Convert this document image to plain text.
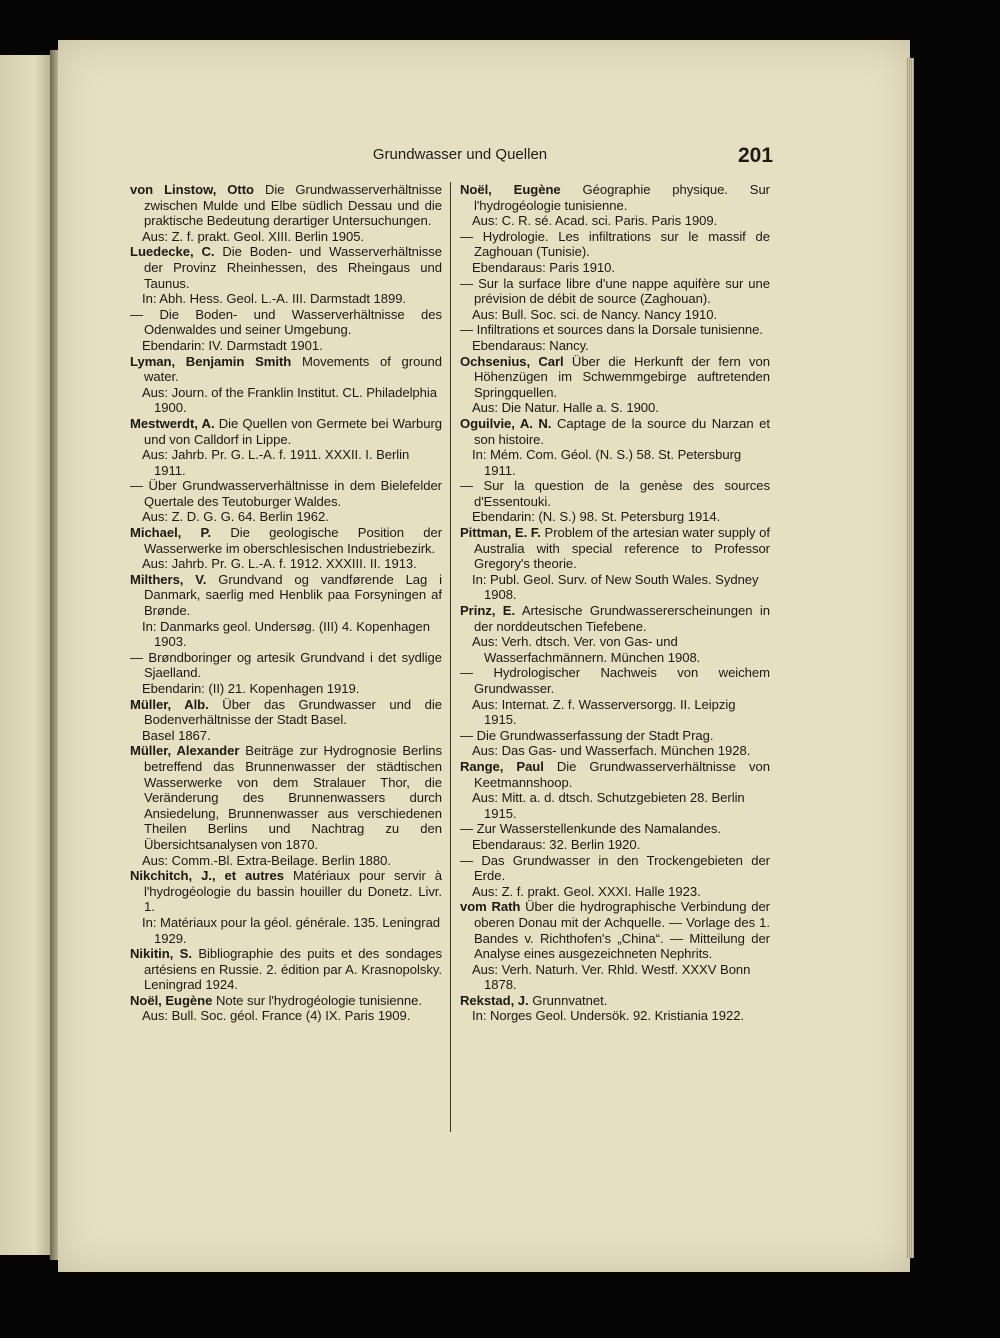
Grundwasser und Quellen	201
von Linstow, Otto Die Grundwasserverhältnisse zwischen Mulde und Elbe südlich Dessau und die praktische Bedeutung derartiger Untersuchungen.
Aus: Z. f. prakt. Geol. XIII. Berlin 1905.
Luedecke, C. Die Boden- und Wasserverhältnisse der Provinz Rheinhessen, des Rheingaus und Taunus.
In: Abh. Hess. Geol. L.-A. III. Darmstadt 1899.
— Die Boden- und Wasserverhältnisse des Odenwaldes und seiner Umgebung.
Ebendarin: IV. Darmstadt 1901.
Lyman, Benjamin Smith Movements of ground water.
Aus: Journ. of the Franklin Institut. CL. Philadelphia 1900.
Mestwerdt, A. Die Quellen von Germete bei Warburg und von Calldorf in Lippe.
Aus: Jahrb. Pr. G. L.-A. f. 1911. XXXII. I. Berlin 1911.
— Über Grundwasserverhältnisse in dem Bielefelder Quertale des Teutoburger Waldes.
Aus: Z. D. G. G. 64. Berlin 1962.
Michael, P. Die geologische Position der Wasserwerke im oberschlesischen Industriebezirk.
Aus: Jahrb. Pr. G. L.-A. f. 1912. XXXIII. II. 1913.
Milthers, V. Grundvand og vandførende Lag i Danmark, saerlig med Henblik paa Forsyningen af Brønde.
In: Danmarks geol. Undersøg. (III) 4. Kopenhagen 1903.
— Brøndboringer og artesik Grundvand i det sydlige Sjaelland.
Ebendarin: (II) 21. Kopenhagen 1919.
Müller, Alb. Über das Grundwasser und die Bodenverhältnisse der Stadt Basel.
Basel 1867.
Müller, Alexander Beiträge zur Hydrognosie Berlins betreffend das Brunnenwasser der städtischen Wasserwerke von dem Stralauer Thor, die Veränderung des Brunnenwassers durch Ansiedelung, Brunnenwasser aus verschiedenen Theilen Berlins und Nachtrag zu den Übersichtsanalysen von 1870.
Aus: Comm.-Bl. Extra-Beilage. Berlin 1880.
Nikchitch, J., et autres Matériaux pour servir à l'hydrogéologie du bassin houiller du Donetz. Livr. 1.
In: Matériaux pour la géol. générale. 135. Leningrad 1929.
Nikitin, S. Bibliographie des puits et des sondages artésiens en Russie. 2. édition par A. Krasnopolsky. Leningrad 1924.
Noël, Eugène Note sur l'hydrogéologie tunisienne.
Aus: Bull. Soc. géol. France (4) IX. Paris 1909.
Noël, Eugène Géographie physique. Sur l'hydrogéologie tunisienne.
Aus: C. R. sé. Acad. sci. Paris. Paris 1909.
— Hydrologie. Les infiltrations sur le massif de Zaghouan (Tunisie).
Ebendaraus: Paris 1910.
— Sur la surface libre d'une nappe aquifère sur une prévision de débit de source (Zaghouan).
Aus: Bull. Soc. sci. de Nancy. Nancy 1910.
— Infiltrations et sources dans la Dorsale tunisienne.
Ebendaraus: Nancy.
Ochsenius, Carl Über die Herkunft der fern von Höhenzügen im Schwemmgebirge auftretenden Springquellen.
Aus: Die Natur. Halle a. S. 1900.
Oguilvie, A. N. Captage de la source du Narzan et son histoire.
In: Mém. Com. Géol. (N. S.) 58. St. Petersburg 1911.
— Sur la question de la genèse des sources d'Essentouki.
Ebendarin: (N. S.) 98. St. Petersburg 1914.
Pittman, E. F. Problem of the artesian water supply of Australia with special reference to Professor Gregory's theorie.
In: Publ. Geol. Surv. of New South Wales. Sydney 1908.
Prinz, E. Artesische Grundwassererscheinungen in der norddeutschen Tiefebene.
Aus: Verh. dtsch. Ver. von Gas- und Wasserfachmännern. München 1908.
— Hydrologischer Nachweis von weichem Grundwasser.
Aus: Internat. Z. f. Wasserversorgg. II. Leipzig 1915.
— Die Grundwasserfassung der Stadt Prag.
Aus: Das Gas- und Wasserfach. München 1928.
Range, Paul Die Grundwasserverhältnisse von Keetmannshoop.
Aus: Mitt. a. d. dtsch. Schutzgebieten 28. Berlin 1915.
— Zur Wasserstellenkunde des Namalandes.
Ebendaraus: 32. Berlin 1920.
— Das Grundwasser in den Trockengebieten der Erde.
Aus: Z. f. prakt. Geol. XXXI. Halle 1923.
vom Rath Über die hydrographische Verbindung der oberen Donau mit der Achquelle. — Vorlage des 1. Bandes v. Richthofen's „China“. — Mitteilung der Analyse eines ausgezeichneten Nephrits.
Aus: Verh. Naturh. Ver. Rhld. Westf. XXXV Bonn 1878.
Rekstad, J. Grunnvatnet.
In: Norges Geol. Undersök. 92. Kristiania 1922.
